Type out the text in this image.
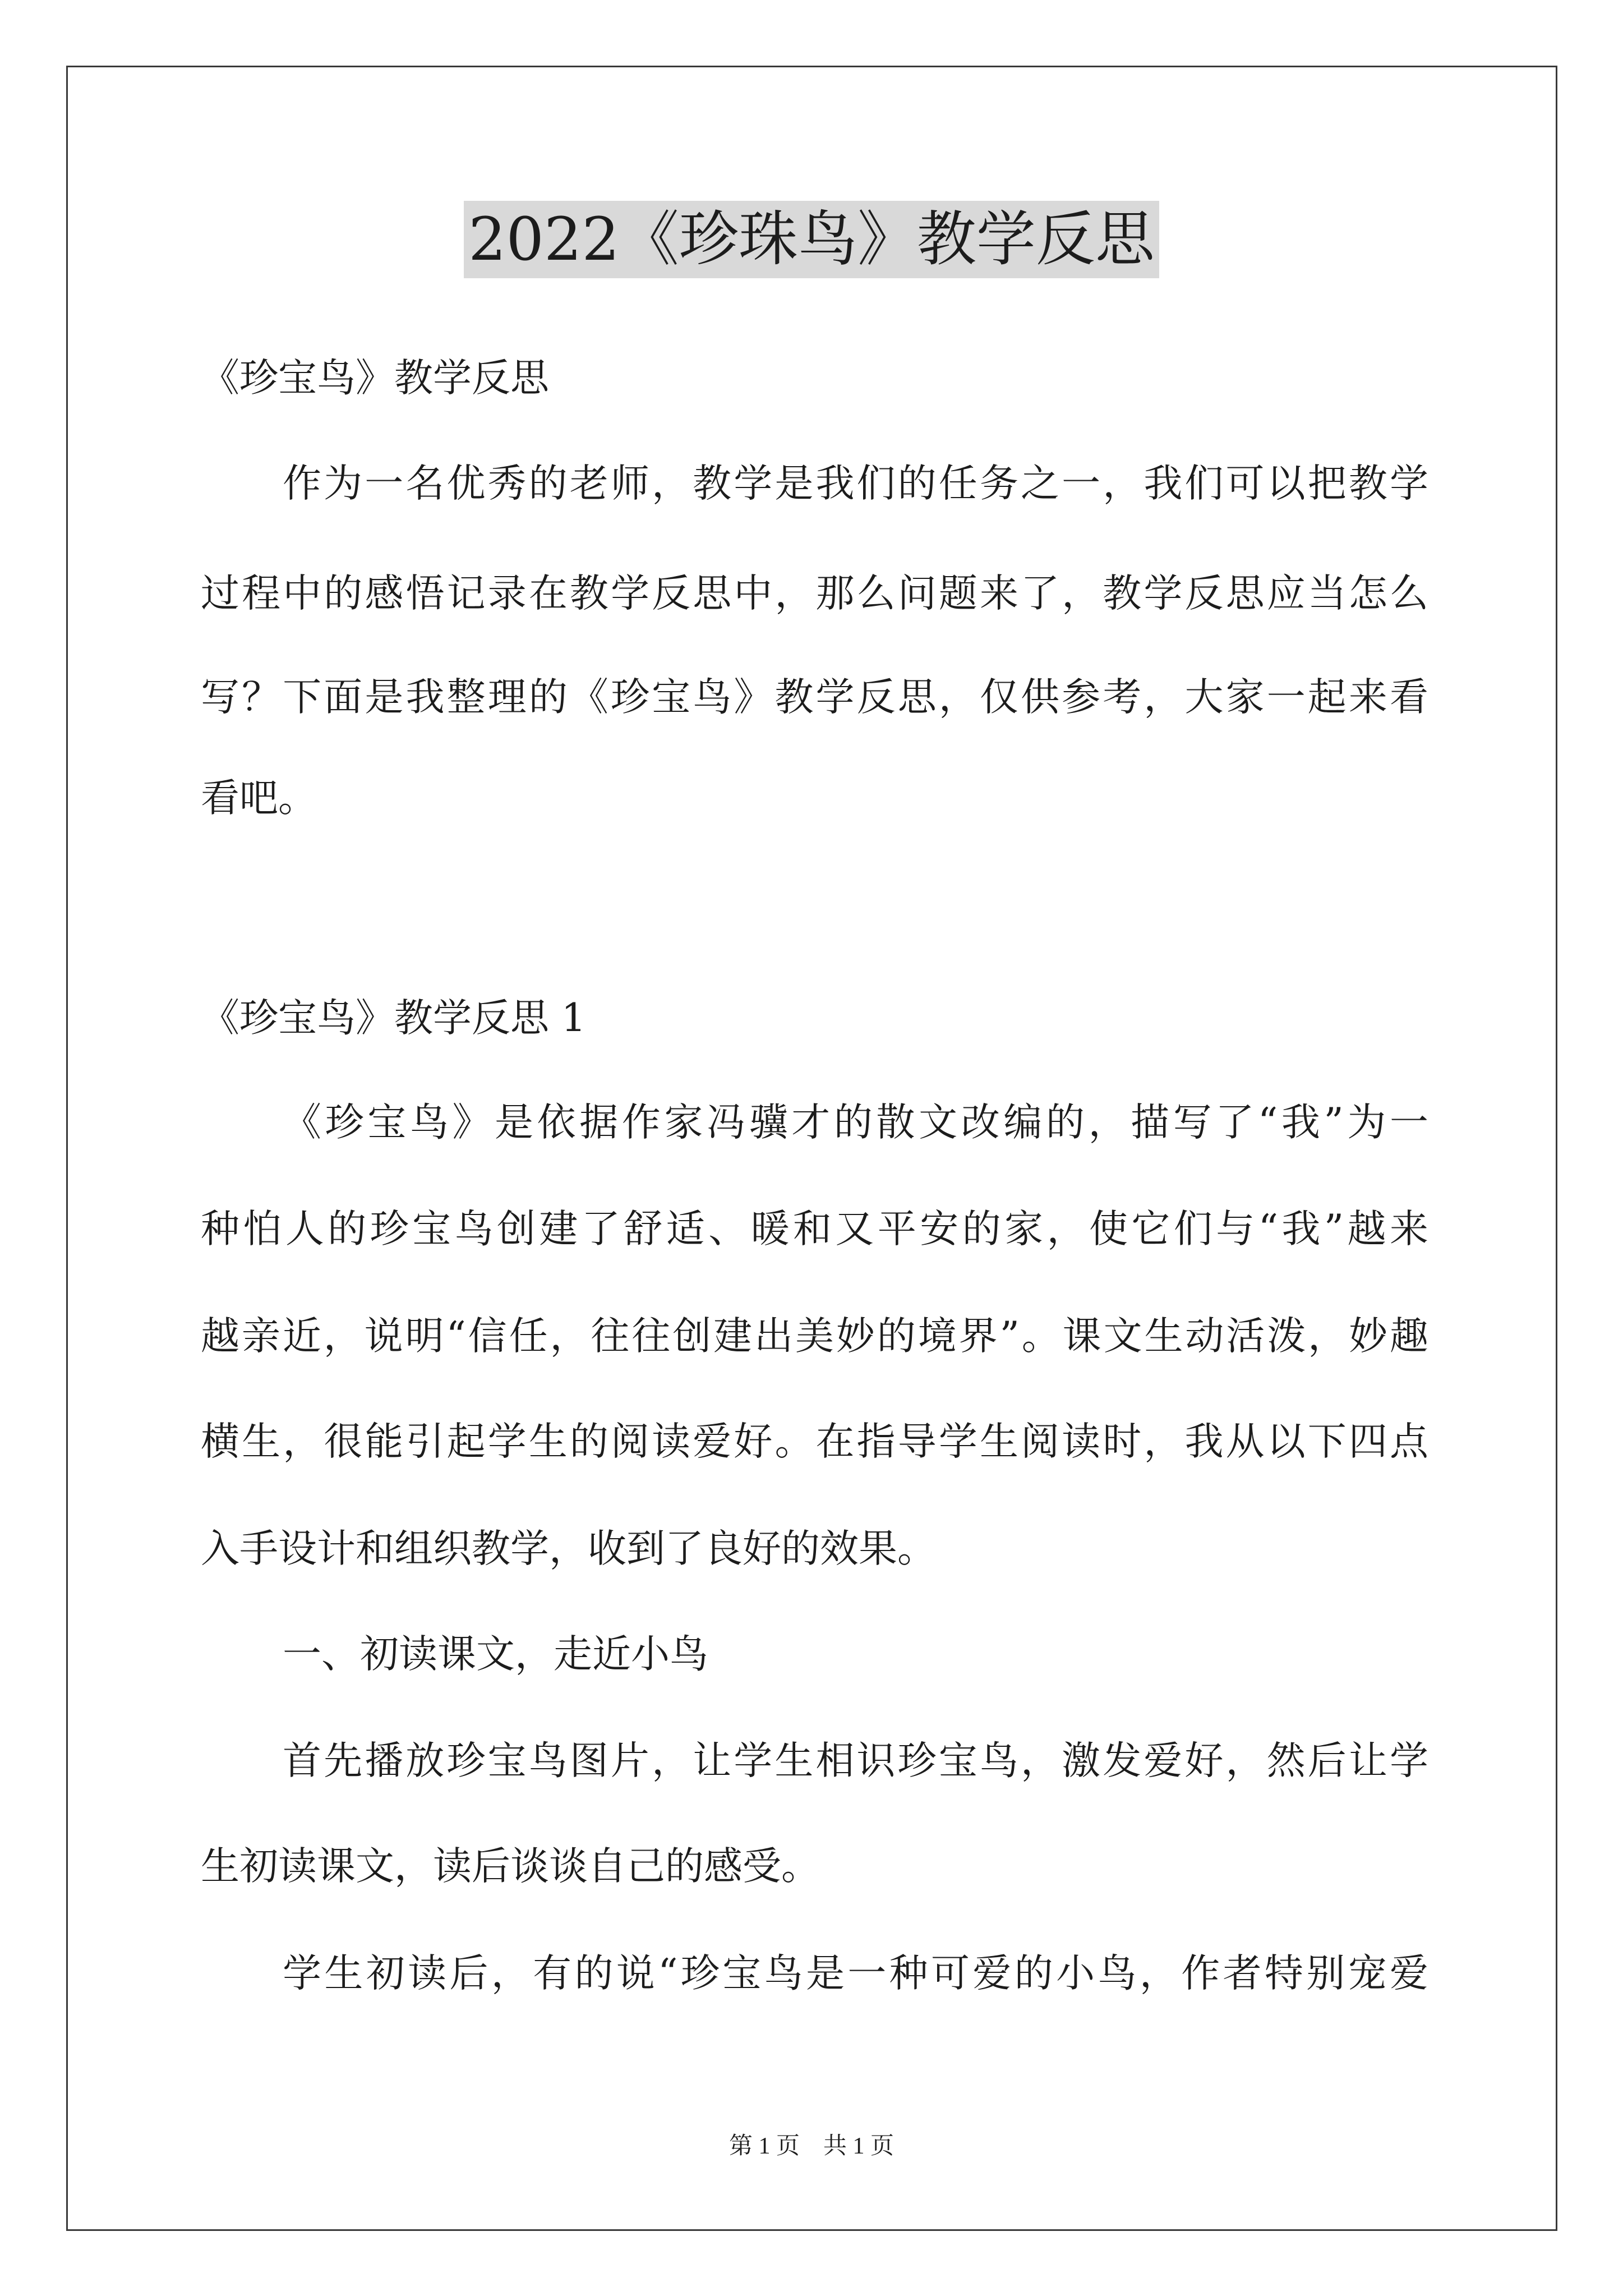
2022《珍珠鸟》教学反思
《珍宝鸟》教学反思
作为一名优秀的老师，教学是我们的任务之一，我们可以把教学
过程中的感悟记录在教学反思中，那么问题来了，教学反思应当怎么
写？下面是我整理的《珍宝鸟》教学反思，仅供参考，大家一起来看
看吧。
《珍宝鸟》教学反思 1
《珍宝鸟》是依据作家冯骥才的散文改编的，描写了“我”为一
种怕人的珍宝鸟创建了舒适、暖和又平安的家，使它们与“我”越来
越亲近，说明“信任，往往创建出美妙的境界”。课文生动活泼，妙趣
横生，很能引起学生的阅读爱好。在指导学生阅读时，我从以下四点
入手设计和组织教学，收到了良好的效果。
一、初读课文，走近小鸟
首先播放珍宝鸟图片，让学生相识珍宝鸟，激发爱好，然后让学
生初读课文，读后谈谈自己的感受。
学生初读后，有的说“珍宝鸟是一种可爱的小鸟，作者特别宠爱
第 1 页　共 1 页
